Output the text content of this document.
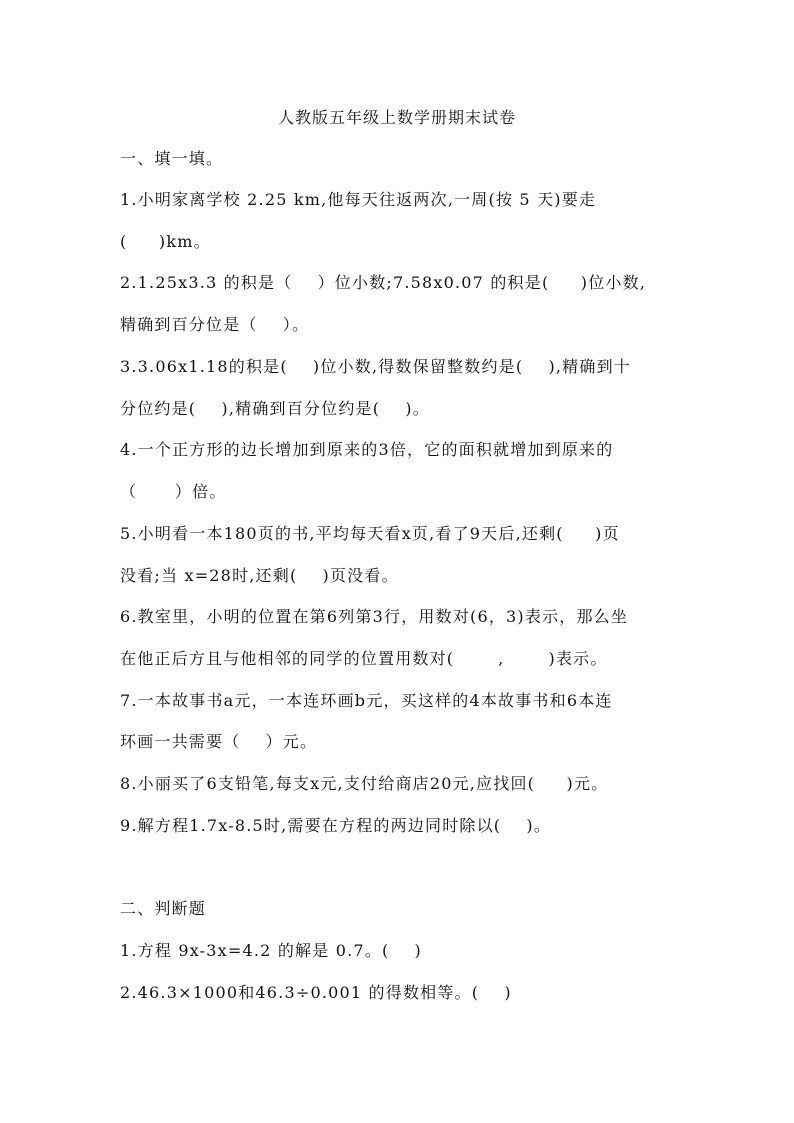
人教版五年级上数学册期末试卷
一、填一填。
1.小明家离学校 2.25 km,他每天往返两次,一周(按 5 天)要走
(     )km。
2.1.25x3.3 的积是（    ）位小数;7.58x0.07 的积是(     )位小数,
精确到百分位是（    ）。
3.3.06x1.18的积是(    )位小数,得数保留整数约是(    ),精确到十
分位约是(    ),精确到百分位约是(    )。
4.一个正方形的边长增加到原来的3倍，它的面积就增加到原来的
（      ）倍。
5.小明看一本180页的书,平均每天看x页,看了9天后,还剩(     )页
没看;当 x=28时,还剩(    )页没看。
6.教室里，小明的位置在第6列第3行，用数对(6，3)表示，那么坐
在他正后方且与他相邻的同学的位置用数对(       ,       )表示。
7.一本故事书a元，一本连环画b元，买这样的4本故事书和6本连
环画一共需要（    ）元。
8.小丽买了6支铅笔,每支x元,支付给商店20元,应找回(     )元。
9.解方程1.7x-8.5时,需要在方程的两边同时除以(    )。
二、判断题
1.方程 9x-3x=4.2 的解是 0.7。(    )
2.46.3×1000和46.3÷0.001 的得数相等。(    )
